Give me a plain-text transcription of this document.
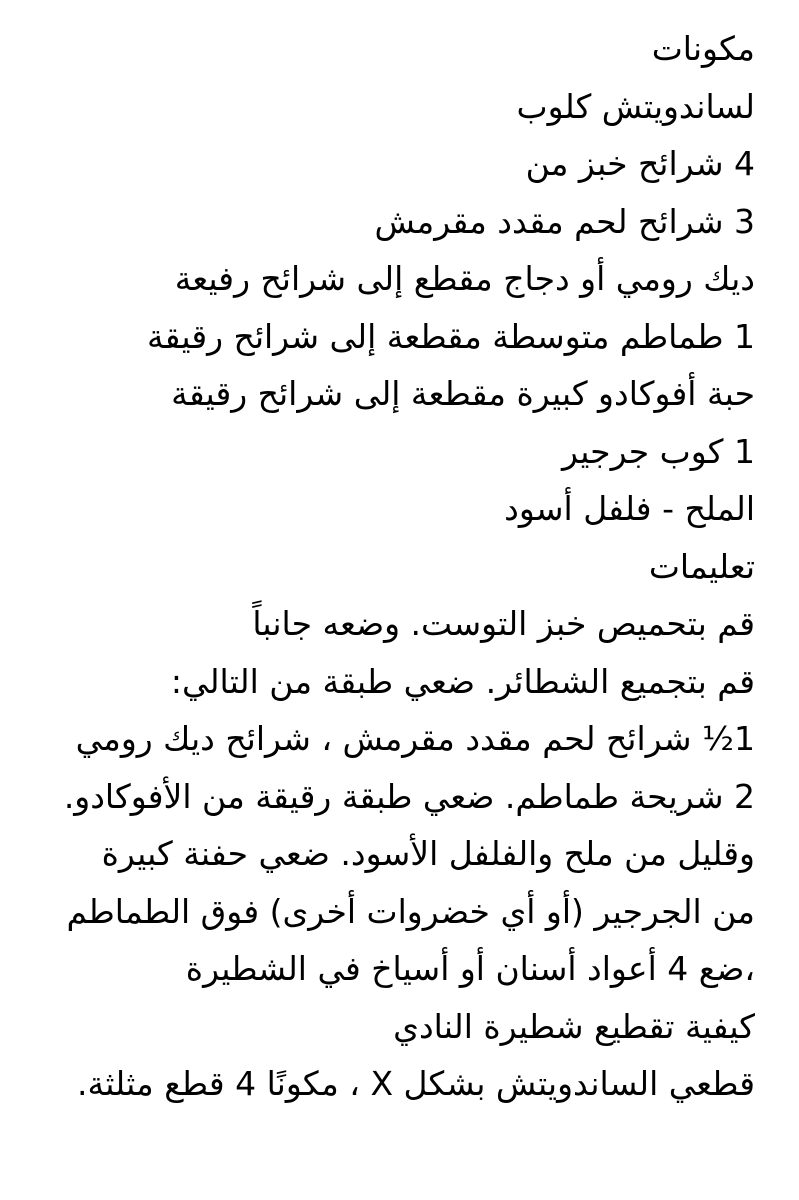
مكونات
لساندويتش كلوب
4 شرائح خبز من
3 شرائح لحم مقدد مقرمش
ديك رومي أو دجاج مقطع إلى شرائح رفيعة
1 طماطم متوسطة مقطعة إلى شرائح رقيقة
حبة أفوكادو كبيرة مقطعة إلى شرائح رقيقة
1 كوب جرجير
الملح - فلفل أسود
تعليمات
قم بتحميص خبز التوست. وضعه جانباً
قم بتجميع الشطائر. ضعي طبقة من التالي:
1½ شرائح لحم مقدد مقرمش ، شرائح ديك رومي
2 شريحة طماطم. ضعي طبقة رقيقة من الأفوكادو.
وقليل من ملح والفلفل الأسود. ضعي حفنة كبيرة
من الجرجير (أو أي خضروات أخرى) فوق الطماطم
،ضع 4 أعواد أسنان أو أسياخ في الشطيرة
كيفية تقطيع شطيرة النادي
قطعي الساندويتش بشكل X ، مكونًا 4 قطع مثلثة.
